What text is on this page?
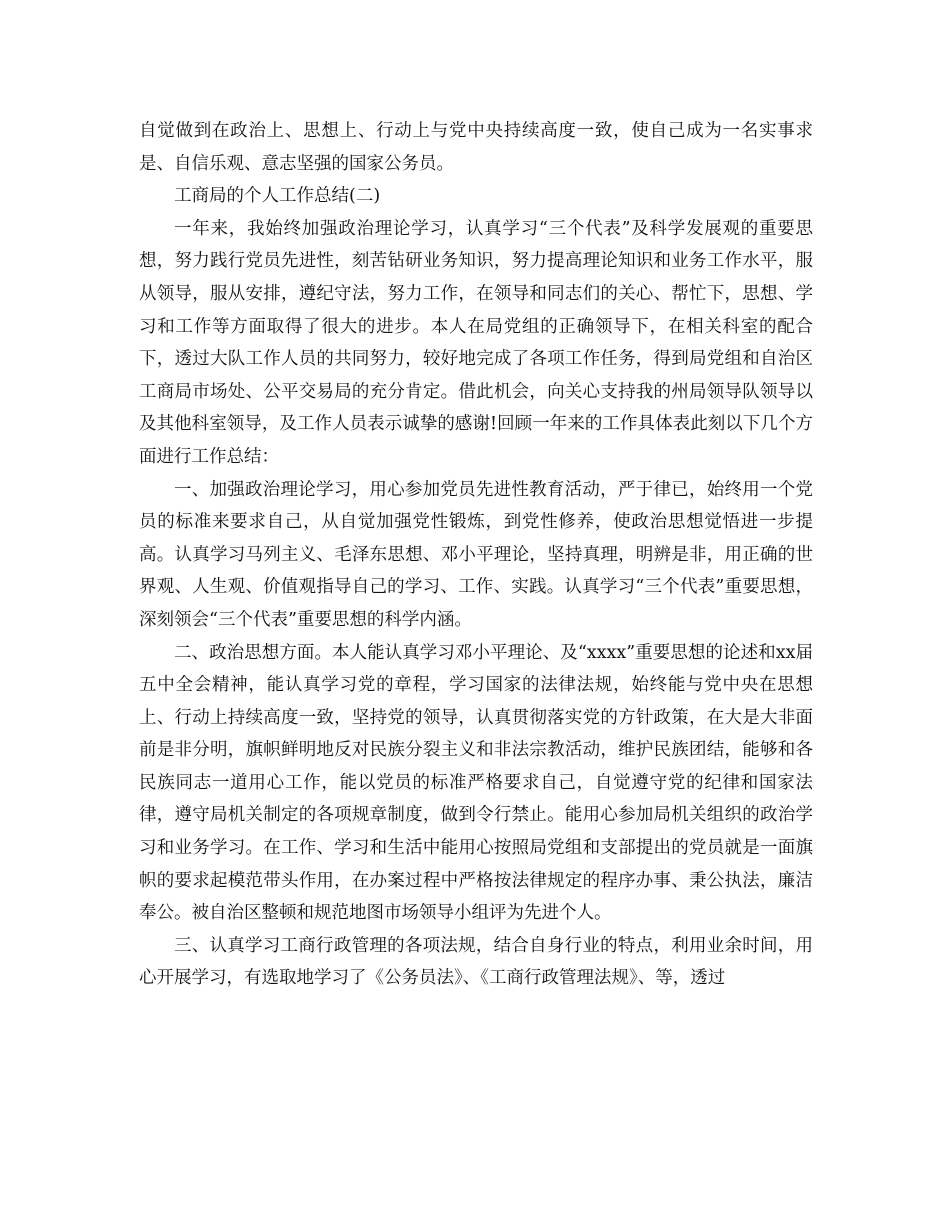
自觉做到在政治上、思想上、行动上与党中央持续高度一致，使自己成为一名实事求是、自信乐观、意志坚强的国家公务员。

工商局的个人工作总结(二)

一年来，我始终加强政治理论学习，认真学习“三个代表”及科学发展观的重要思想，努力践行党员先进性，刻苦钻研业务知识，努力提高理论知识和业务工作水平，服从领导，服从安排，遵纪守法，努力工作，在领导和同志们的关心、帮忙下，思想、学习和工作等方面取得了很大的进步。本人在局党组的正确领导下，在相关科室的配合下，透过大队工作人员的共同努力，较好地完成了各项工作任务，得到局党组和自治区工商局市场处、公平交易局的充分肯定。借此机会，向关心支持我的州局领导队领导以及其他科室领导，及工作人员表示诚挚的感谢!回顾一年来的工作具体表此刻以下几个方面进行工作总结：

一、加强政治理论学习，用心参加党员先进性教育活动，严于律已，始终用一个党员的标准来要求自己，从自觉加强党性锻炼，到党性修养，使政治思想觉悟进一步提高。认真学习马列主义、毛泽东思想、邓小平理论，坚持真理，明辨是非，用正确的世界观、人生观、价值观指导自己的学习、工作、实践。认真学习“三个代表”重要思想，深刻领会“三个代表”重要思想的科学内涵。

二、政治思想方面。本人能认真学习邓小平理论、及“xxxx”重要思想的论述和xx届五中全会精神，能认真学习党的章程，学习国家的法律法规，始终能与党中央在思想上、行动上持续高度一致，坚持党的领导，认真贯彻落实党的方针政策，在大是大非面前是非分明，旗帜鲜明地反对民族分裂主义和非法宗教活动，维护民族团结，能够和各民族同志一道用心工作，能以党员的标准严格要求自己，自觉遵守党的纪律和国家法律，遵守局机关制定的各项规章制度，做到令行禁止。能用心参加局机关组织的政治学习和业务学习。在工作、学习和生活中能用心按照局党组和支部提出的党员就是一面旗帜的要求起模范带头作用，在办案过程中严格按法律规定的程序办事、秉公执法，廉洁奉公。被自治区整顿和规范地图市场领导小组评为先进个人。

三、认真学习工商行政管理的各项法规，结合自身行业的特点，利用业余时间，用心开展学习，有选取地学习了《公务员法》、《工商行政管理法规》、等，透过
